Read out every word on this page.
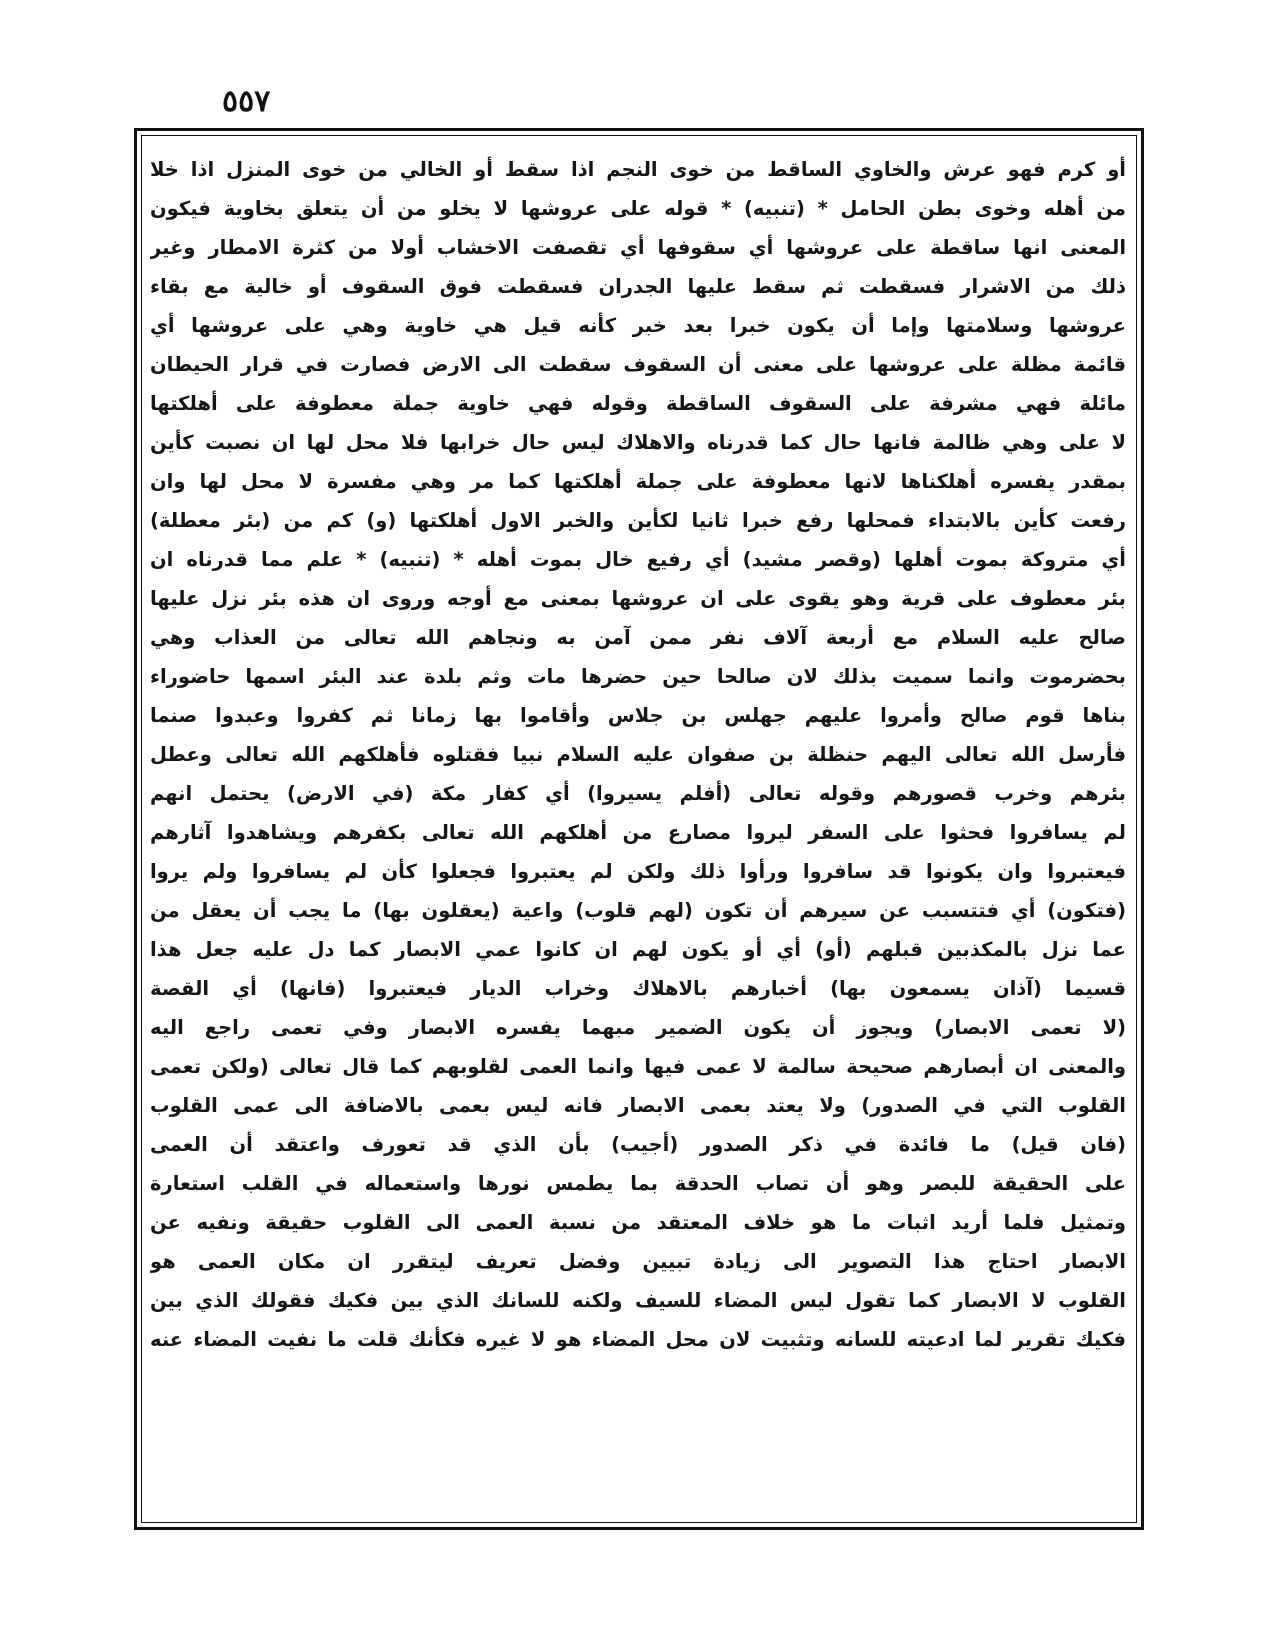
٥٥٧
أو كرم فهو عرش والخاوي الساقط من خوى النجم اذا سقط أو الخالي من خوى المنزل اذا خلا
من أهله وخوى بطن الحامل * (تنبيه) * قوله على عروشها لا يخلو من أن يتعلق بخاوية فيكون
المعنى انها ساقطة على عروشها أي سقوفها أي تقصفت الاخشاب أولا من كثرة الامطار وغير
ذلك من الاشرار فسقطت ثم سقط عليها الجدران فسقطت فوق السقوف أو خالية مع بقاء
عروشها وسلامتها وإما أن يكون خبرا بعد خبر كأنه قيل هي خاوية وهي على عروشها أي
قائمة مظلة على عروشها على معنى أن السقوف سقطت الى الارض فصارت في قرار الحيطان
مائلة فهي مشرفة على السقوف الساقطة وقوله فهي خاوية جملة معطوفة على أهلكتها
لا على وهي ظالمة فانها حال كما قدرناه والاهلاك ليس حال خرابها فلا محل لها ان نصبت كأين
بمقدر يفسره أهلكناها لانها معطوفة على جملة أهلكتها كما مر وهي مفسرة لا محل لها وان
رفعت كأين بالابتداء فمحلها رفع خبرا ثانيا لكأين والخبر الاول أهلكتها (و) كم من (بئر معطلة)
أي متروكة بموت أهلها (وقصر مشيد) أي رفيع خال بموت أهله * (تنبيه) * علم مما قدرناه ان
بئر معطوف على قرية وهو يقوى على ان عروشها بمعنى مع أوجه وروى ان هذه بئر نزل عليها
صالح عليه السلام مع أربعة آلاف نفر ممن آمن به ونجاهم الله تعالى من العذاب وهي
بحضرموت وانما سميت بذلك لان صالحا حين حضرها مات وثم بلدة عند البئر اسمها حاضوراء
بناها قوم صالح وأمروا عليهم جهلس بن جلاس وأقاموا بها زمانا ثم كفروا وعبدوا صنما
فأرسل الله تعالى اليهم حنظلة بن صفوان عليه السلام نبيا فقتلوه فأهلكهم الله تعالى وعطل
بئرهم وخرب قصورهم وقوله تعالى (أفلم يسيروا) أي كفار مكة (في الارض) يحتمل انهم
لم يسافروا فحثوا على السفر ليروا مصارع من أهلكهم الله تعالى بكفرهم ويشاهدوا آثارهم
فيعتبروا وان يكونوا قد سافروا ورأوا ذلك ولكن لم يعتبروا فجعلوا كأن لم يسافروا ولم يروا
(فتكون) أي فتتسبب عن سيرهم أن تكون (لهم قلوب) واعية (يعقلون بها) ما يجب أن يعقل من
عما نزل بالمكذبين قبلهم (أو) أي أو يكون لهم ان كانوا عمي الابصار كما دل عليه جعل هذا
قسيما (آذان يسمعون بها) أخبارهم بالاهلاك وخراب الديار فيعتبروا (فانها) أي القصة
(لا تعمى الابصار) ويجوز أن يكون الضمير مبهما يفسره الابصار وفي تعمى راجع اليه
والمعنى ان أبصارهم صحيحة سالمة لا عمى فيها وانما العمى لقلوبهم كما قال تعالى (ولكن تعمى
القلوب التي في الصدور) ولا يعتد بعمى الابصار فانه ليس بعمى بالاضافة الى عمى القلوب
(فان قيل) ما فائدة في ذكر الصدور (أجيب) بأن الذي قد تعورف واعتقد أن العمى
على الحقيقة للبصر وهو أن تصاب الحدقة بما يطمس نورها واستعماله في القلب استعارة
وتمثيل فلما أريد اثبات ما هو خلاف المعتقد من نسبة العمى الى القلوب حقيقة ونفيه عن
الابصار احتاج هذا التصوير الى زيادة تبيين وفضل تعريف ليتقرر ان مكان العمى هو
القلوب لا الابصار كما تقول ليس المضاء للسيف ولكنه للسانك الذي بين فكيك فقولك الذي بين
فكيك تقرير لما ادعيته للسانه وتثبيت لان محل المضاء هو لا غيره فكأنك قلت ما نفيت المضاء عنه
